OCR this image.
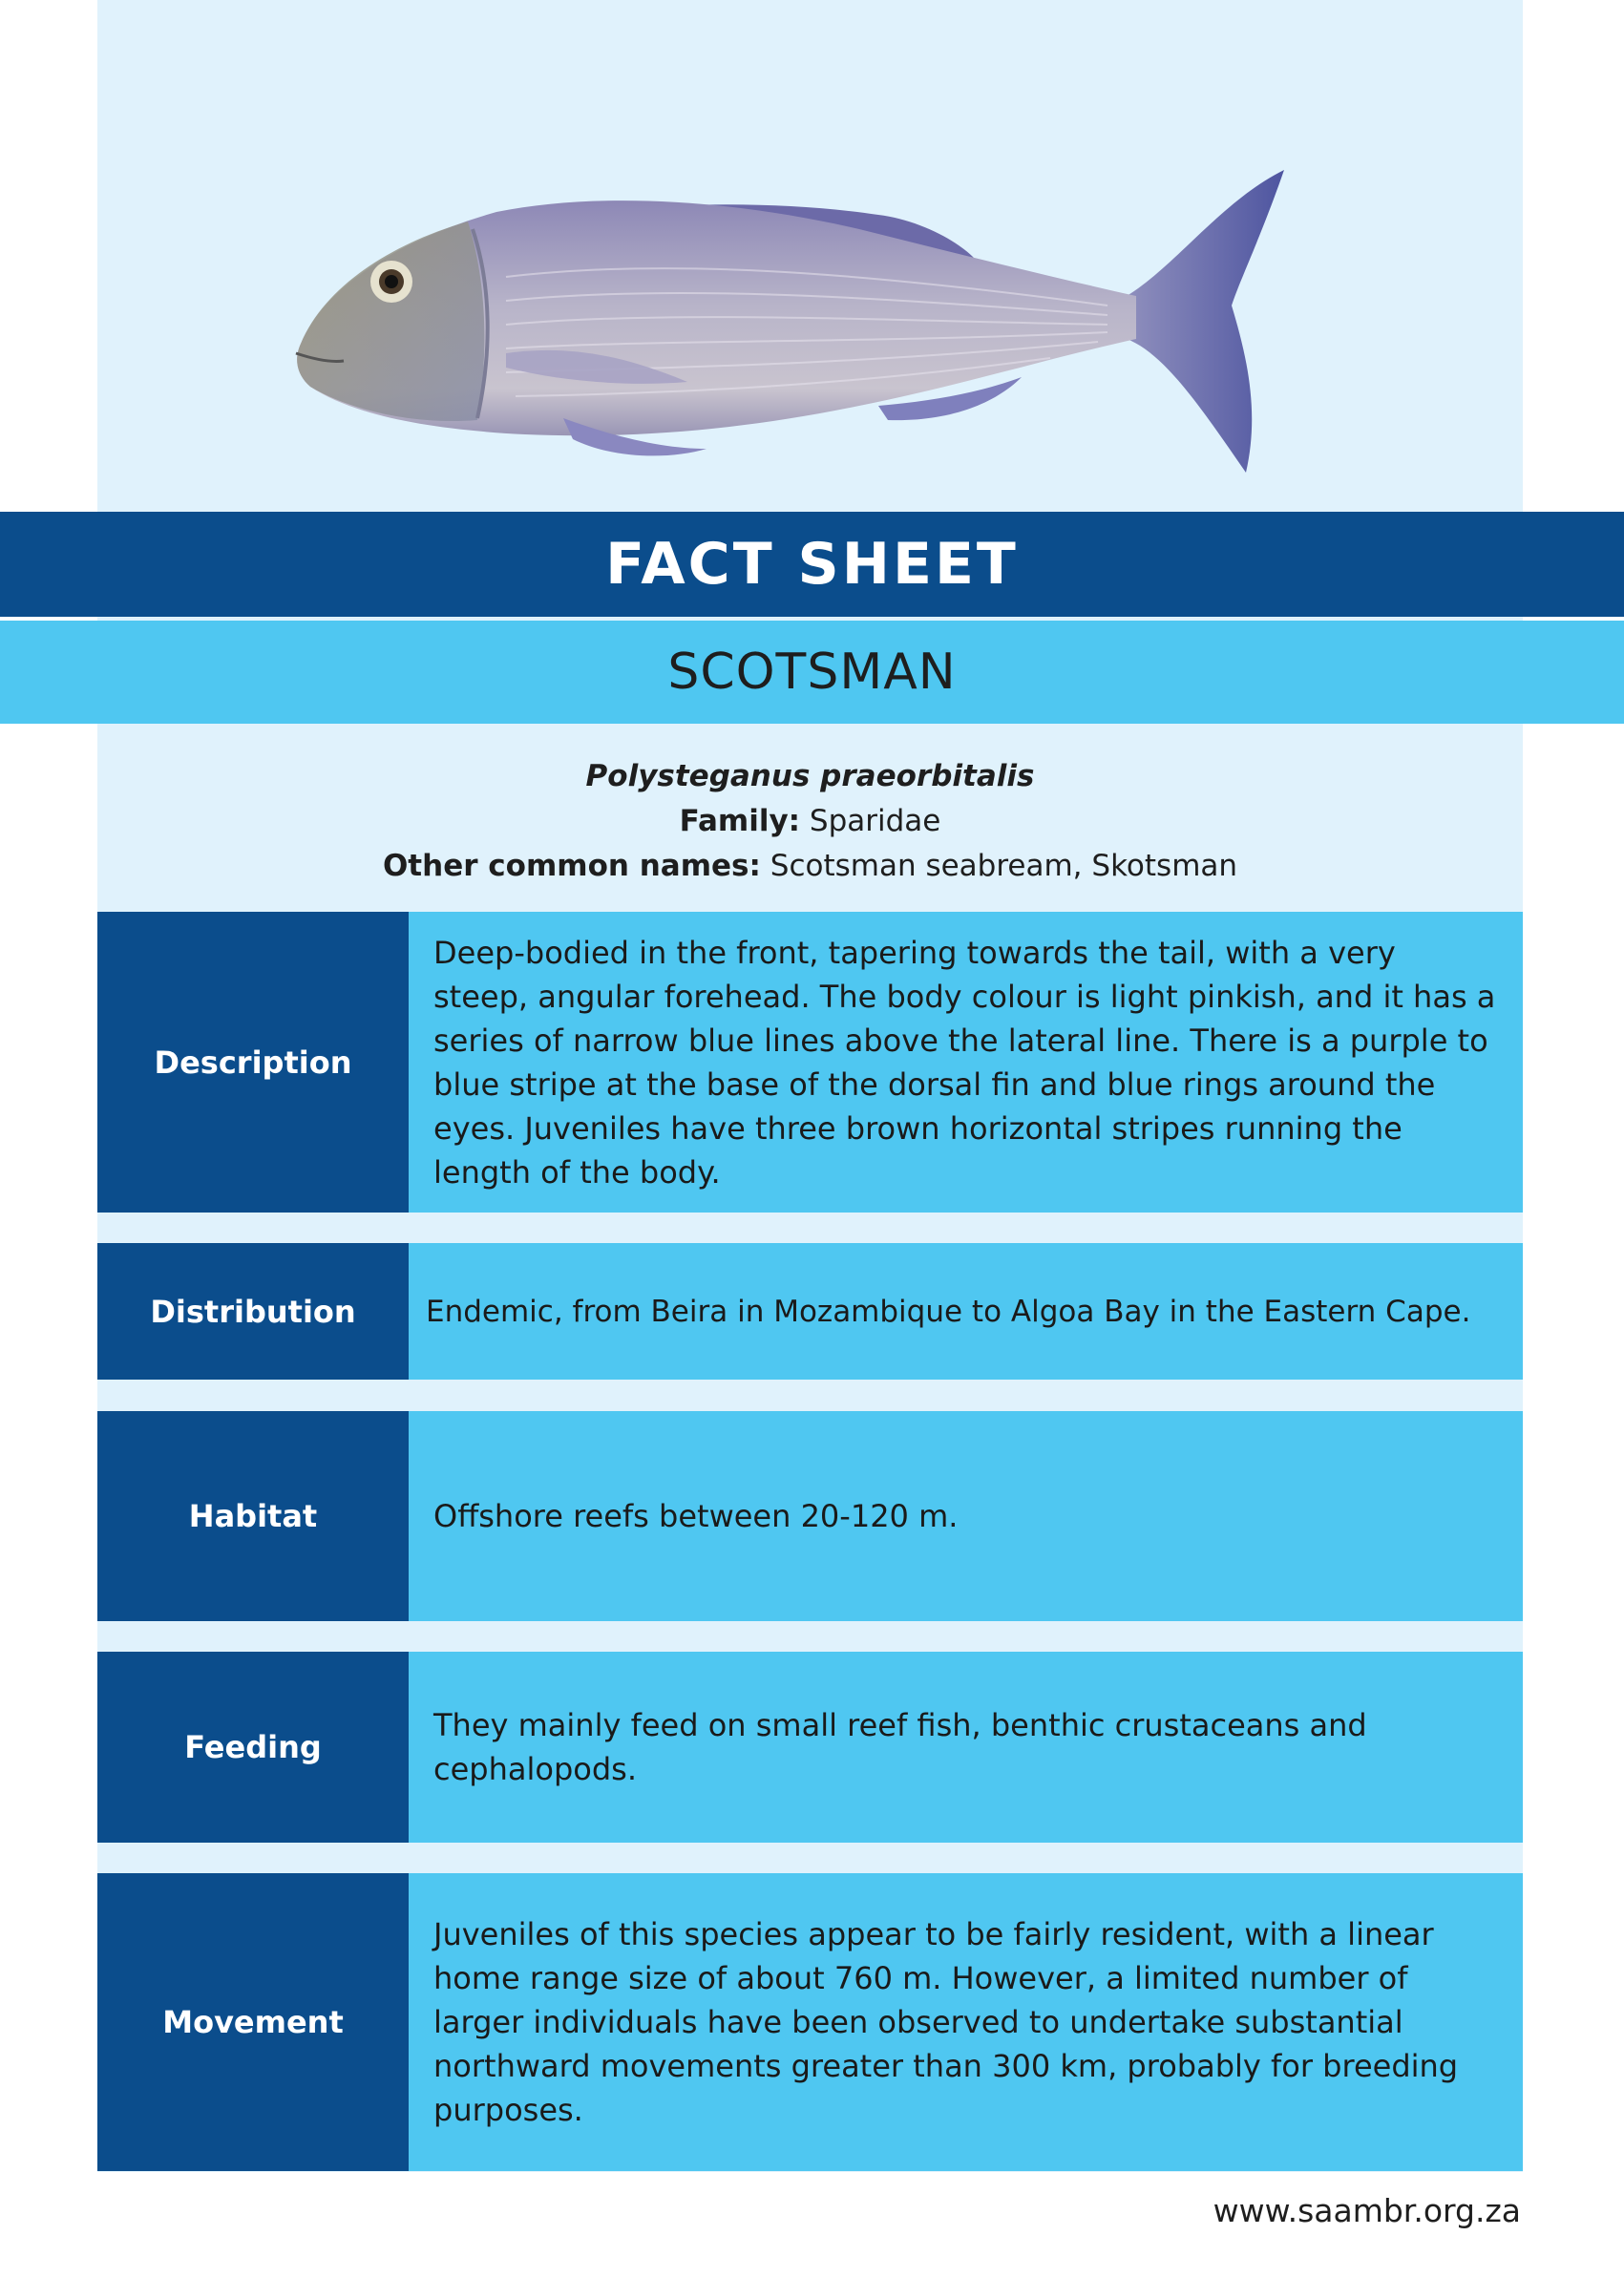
FACT SHEET
SCOTSMAN
Polysteganus praeorbitalis
Family: Sparidae
Other common names: Scotsman seabream, Skotsman
Description
Deep-bodied in the front, tapering towards the tail, with a very steep, angular forehead. The body colour is light pinkish, and it has a series of narrow blue lines above the lateral line. There is a purple to blue stripe at the base of the dorsal fin and blue rings around the eyes. Juveniles have three brown horizontal stripes running the length of the body.
Distribution	Endemic, from Beira in Mozambique to Algoa Bay in the Eastern Cape.
Habitat	Offshore reefs between 20-120 m.
Feeding
They mainly feed on small reef fish, benthic crustaceans and cephalopods.
Movement
Juveniles of this species appear to be fairly resident, with a linear home range size of about 760 m. However, a limited number of larger individuals have been observed to undertake substantial northward movements greater than 300 km, probably for breeding purposes.
www.saambr.org.za
